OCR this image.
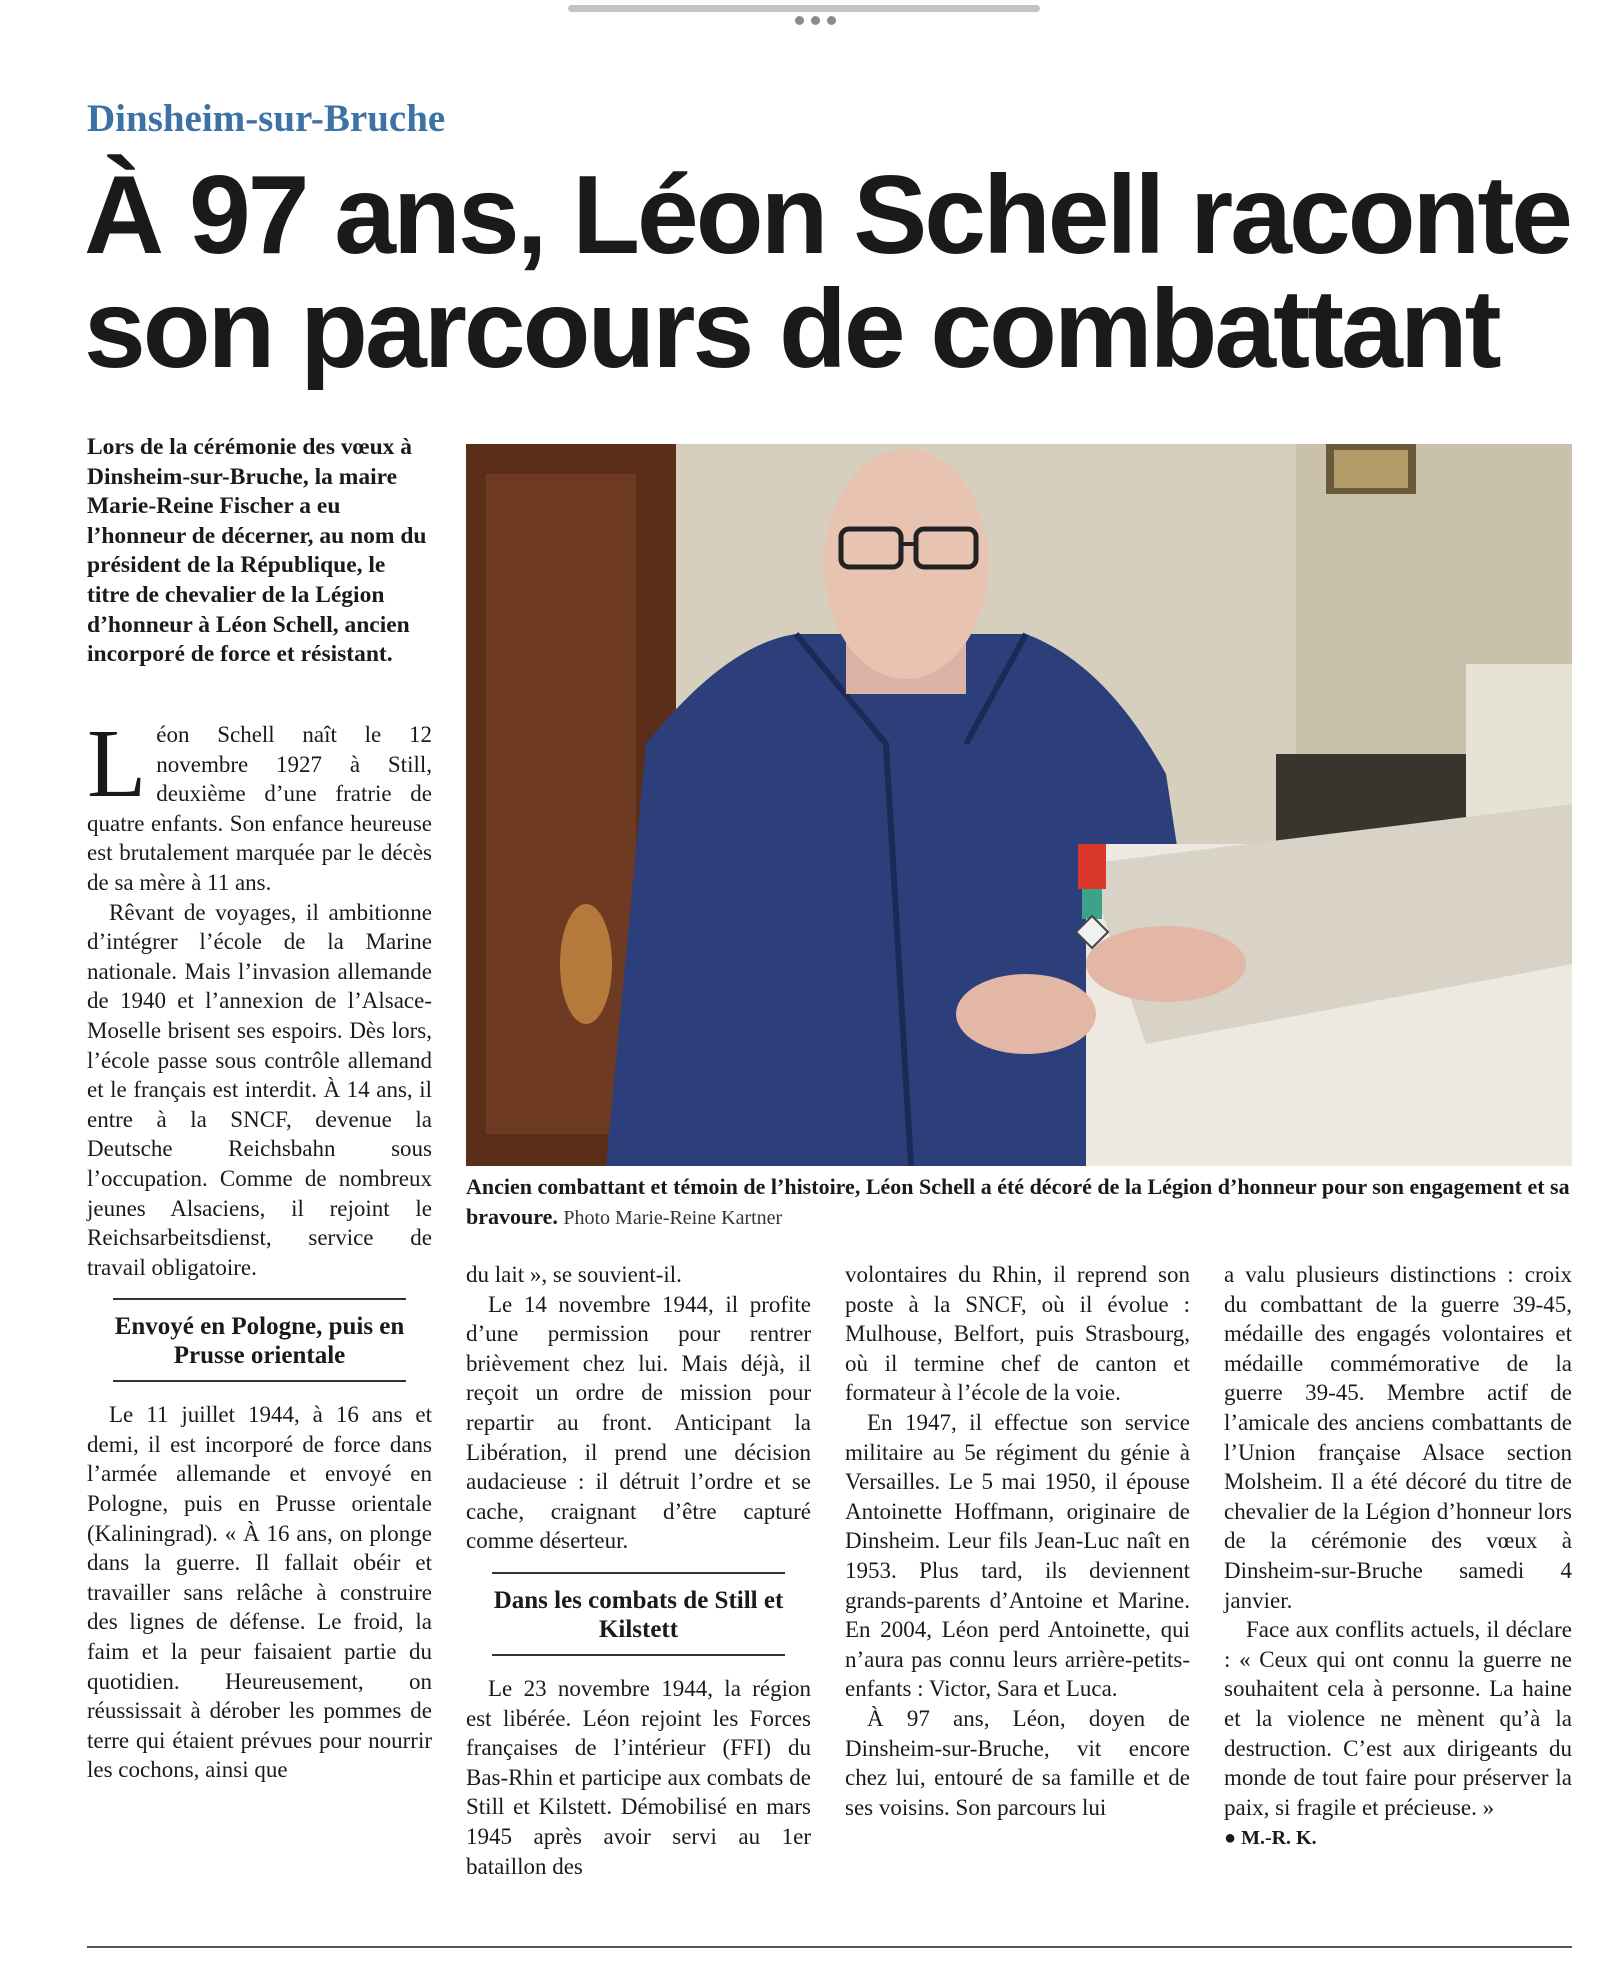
Dinsheim-sur-Bruche
À 97 ans, Léon Schell raconte
son parcours de combattant
Lors de la cérémonie des vœux à Dinsheim-sur-Bruche, la maire Marie-Reine Fischer a eu l’honneur de décerner, au nom du président de la République, le titre de chevalier de la Légion d’honneur à Léon Schell, ancien incorporé de force et résistant.

Léon Schell naît le 12 novembre 1927 à Still, deuxième d’une fratrie de quatre enfants. Son enfance heureuse est brutalement marquée par le décès de sa mère à 11 ans.

Rêvant de voyages, il ambitionne d’intégrer l’école de la Marine nationale. Mais l’invasion allemande de 1940 et l’annexion de l’Alsace-Moselle brisent ses espoirs. Dès lors, l’école passe sous contrôle allemand et le français est interdit. À 14 ans, il entre à la SNCF, devenue la Deutsche Reichsbahn sous l’occupation. Comme de nombreux jeunes Alsaciens, il rejoint le Reichsarbeitsdienst, service de travail obligatoire.

Envoyé en Pologne, puis en Prusse orientale

Le 11 juillet 1944, à 16 ans et demi, il est incorporé de force dans l’armée allemande et envoyé en Pologne, puis en Prusse orientale (Kaliningrad). « À 16 ans, on plonge dans la guerre. Il fallait obéir et travailler sans relâche à construire des lignes de défense. Le froid, la faim et la peur faisaient partie du quotidien. Heureusement, on réussissait à dérober les pommes de terre qui étaient prévues pour nourrir les cochons, ainsi que

Ancien combattant et témoin de l’histoire, Léon Schell a été décoré de la Légion d’honneur pour son engagement et sa bravoure. Photo Marie-Reine Kartner

du lait », se souvient-il.

Le 14 novembre 1944, il profite d’une permission pour rentrer brièvement chez lui. Mais déjà, il reçoit un ordre de mission pour repartir au front. Anticipant la Libération, il prend une décision audacieuse : il détruit l’ordre et se cache, craignant d’être capturé comme déserteur.

Dans les combats de Still et Kilstett

Le 23 novembre 1944, la région est libérée. Léon rejoint les Forces françaises de l’intérieur (FFI) du Bas-Rhin et participe aux combats de Still et Kilstett. Démobilisé en mars 1945 après avoir servi au 1er bataillon des

volontaires du Rhin, il reprend son poste à la SNCF, où il évolue : Mulhouse, Belfort, puis Strasbourg, où il termine chef de canton et formateur à l’école de la voie.

En 1947, il effectue son service militaire au 5e régiment du génie à Versailles. Le 5 mai 1950, il épouse Antoinette Hoffmann, originaire de Dinsheim. Leur fils Jean-Luc naît en 1953. Plus tard, ils deviennent grands-parents d’Antoine et Marine. En 2004, Léon perd Antoinette, qui n’aura pas connu leurs arrière-petits-enfants : Victor, Sara et Luca.

À 97 ans, Léon, doyen de Dinsheim-sur-Bruche, vit encore chez lui, entouré de sa famille et de ses voisins. Son parcours lui

a valu plusieurs distinctions : croix du combattant de la guerre 39-45, médaille des engagés volontaires et médaille commémorative de la guerre 39-45. Membre actif de l’amicale des anciens combattants de l’Union française Alsace section Molsheim. Il a été décoré du titre de chevalier de la Légion d’honneur lors de la cérémonie des vœux à Dinsheim-sur-Bruche samedi 4 janvier.

Face aux conflits actuels, il déclare : « Ceux qui ont connu la guerre ne souhaitent cela à personne. La haine et la violence ne mènent qu’à la destruction. C’est aux dirigeants du monde de tout faire pour préserver la paix, si fragile et précieuse. »

● M.-R. K.
